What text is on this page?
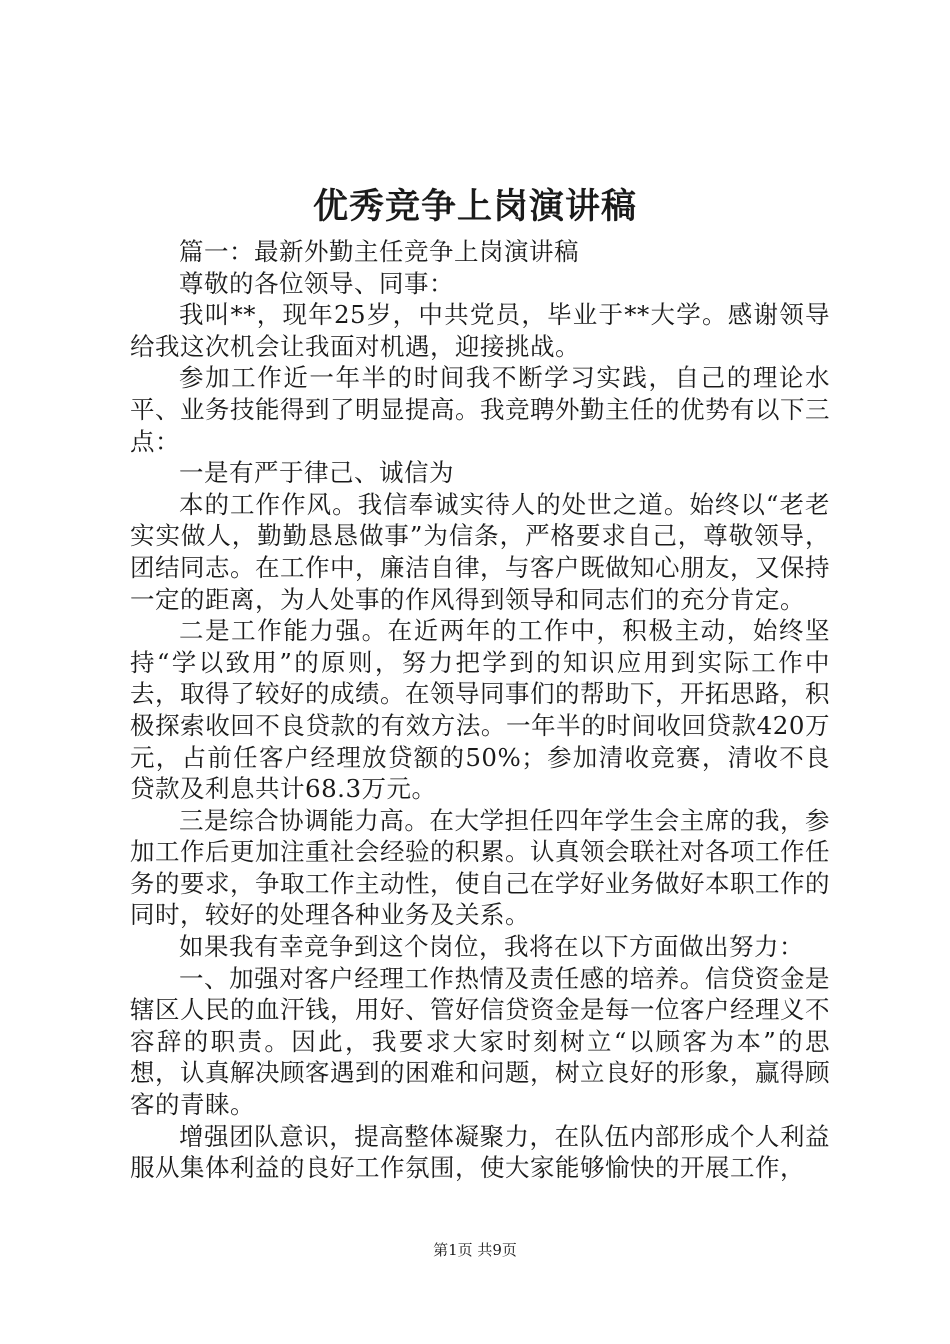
优秀竞争上岗演讲稿

篇一：最新外勤主任竞争上岗演讲稿

尊敬的各位领导、同事：

我叫**，现年25岁，中共党员，毕业于**大学。感谢领导给我这次机会让我面对机遇，迎接挑战。

参加工作近一年半的时间我不断学习实践，自己的理论水平、业务技能得到了明显提高。我竞聘外勤主任的优势有以下三点：

一是有严于律己、诚信为

本的工作作风。我信奉诚实待人的处世之道。始终以“老老实实做人，勤勤恳恳做事”为信条，严格要求自己，尊敬领导，团结同志。在工作中，廉洁自律，与客户既做知心朋友，又保持一定的距离，为人处事的作风得到领导和同志们的充分肯定。

二是工作能力强。在近两年的工作中，积极主动，始终坚持“学以致用”的原则，努力把学到的知识应用到实际工作中去，取得了较好的成绩。在领导同事们的帮助下，开拓思路，积极探索收回不良贷款的有效方法。一年半的时间收回贷款420万元，占前任客户经理放贷额的50%；参加清收竞赛，清收不良贷款及利息共计68.3万元。

三是综合协调能力高。在大学担任四年学生会主席的我，参加工作后更加注重社会经验的积累。认真领会联社对各项工作任务的要求，争取工作主动性，使自己在学好业务做好本职工作的同时，较好的处理各种业务及关系。

如果我有幸竞争到这个岗位，我将在以下方面做出努力：

一、加强对客户经理工作热情及责任感的培养。信贷资金是辖区人民的血汗钱，用好、管好信贷资金是每一位客户经理义不容辞的职责。因此，我要求大家时刻树立“以顾客为本”的思想，认真解决顾客遇到的困难和问题，树立良好的形象，赢得顾客的青睐。

增强团队意识，提高整体凝聚力，在队伍内部形成个人利益服从集体利益的良好工作氛围，使大家能够愉快的开展工作，

第1页 共9页
